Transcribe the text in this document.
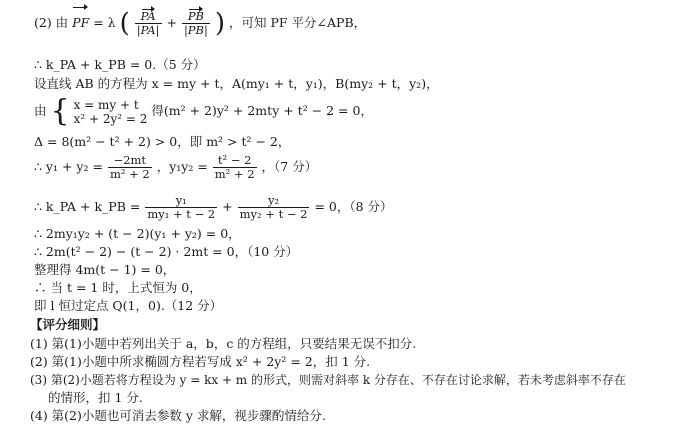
(2) 由 PF = λ ( $\frac{PA}{|PA|} + \frac{PB}{|PB|}$ ) ，可知 PF 平分∠APB，
∴ k_PA + k_PB = 0.（5 分）
设直线 AB 的方程为 x = my + t，A(my₁ + t，y₁)，B(my₂ + t，y₂)，
由 { x = my + t
x² + 2y² = 2
得(m² + 2)y² + 2mty + t² − 2 = 0，
Δ = 8(m² − t² + 2) > 0，即 m² > t² − 2，
∴ $y_1 + y_2 = \frac{-2mt}{\text{m² + 2}}$ ，$y_1y_2 = \frac{\text{t² − 2}}{\text{m² + 2}}$ ，（7 分）
∴ k_PA + k_PB = $\frac{\text{y₁}}{\text{my₁ + t − 2}} + \frac{\text{y₂}}{\text{my₂ + t − 2}} = 0$，（8 分）
∴ 2my₁y₂ + (t − 2)(y₁ + y₂) = 0，
∴ 2m(t² − 2) − (t − 2) · 2mt = 0，（10 分）
整理得 4m(t − 1) = 0，
∴ 当 t = 1 时，上式恒为 0，
即 l 恒过定点 Q(1，0).（12 分）
【评分细则】
(1) 第(1)小题中若列出关于 a，b，c 的方程组，只要结果无误不扣分.
(2) 第(1)小题中所求椭圆方程若写成 x² + 2y² = 2，扣 1 分.
(3) 第(2)小题若将方程设为 y = kx + m 的形式，则需对斜率 k 分存在、不存在讨论求解，若未考虑斜率不存在
的情形，扣 1 分.
(4) 第(2)小题也可消去参数 y 求解，视步骤酌情给分.
